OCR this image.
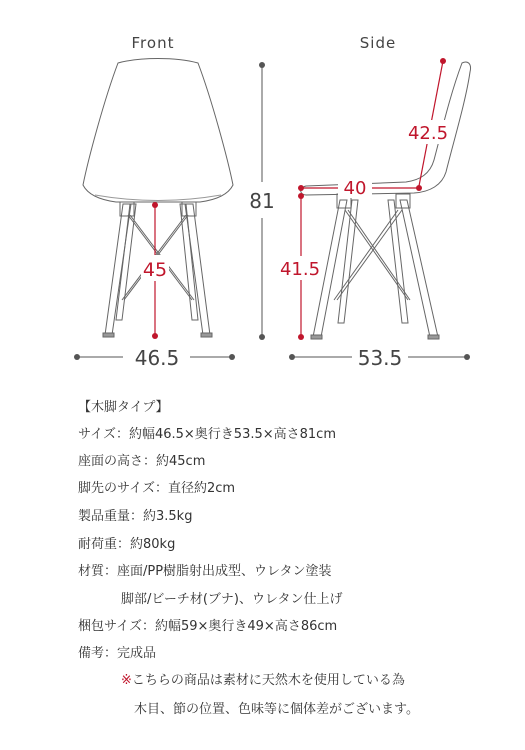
Front	Side
45
46.5
81
42.5
40
41.5
53.5
【木脚タイプ】
サイズ：約幅46.5×奥行き53.5×高さ81cm
座面の高さ：約45cm
脚先のサイズ：直径約2cm
製品重量：約3.5kg
耐荷重：約80kg
材質：座面/PP樹脂射出成型、ウレタン塗装
脚部/ビーチ材(ブナ)、ウレタン仕上げ
梱包サイズ：約幅59×奥行き49×高さ86cm
備考：完成品
※こちらの商品は素材に天然木を使用している為
木目、節の位置、色味等に個体差がございます。
